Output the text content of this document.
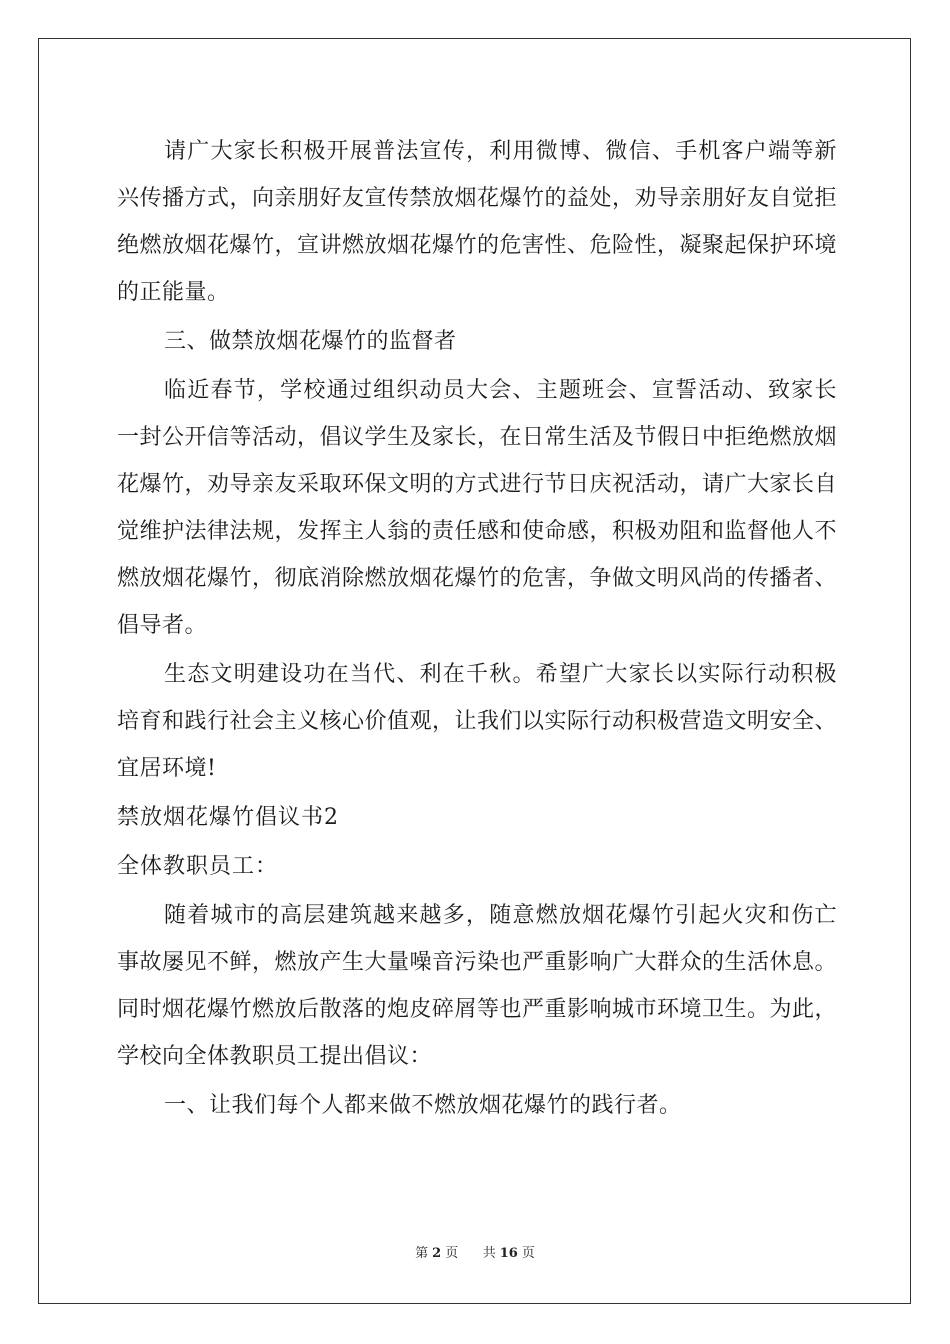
请广大家长积极开展普法宣传，利用微博、微信、手机客户端等新兴传播方式，向亲朋好友宣传禁放烟花爆竹的益处，劝导亲朋好友自觉拒绝燃放烟花爆竹，宣讲燃放烟花爆竹的危害性、危险性，凝聚起保护环境的正能量。

三、做禁放烟花爆竹的监督者

临近春节，学校通过组织动员大会、主题班会、宣誓活动、致家长一封公开信等活动，倡议学生及家长，在日常生活及节假日中拒绝燃放烟花爆竹，劝导亲友采取环保文明的方式进行节日庆祝活动，请广大家长自觉维护法律法规，发挥主人翁的责任感和使命感，积极劝阻和监督他人不燃放烟花爆竹，彻底消除燃放烟花爆竹的危害，争做文明风尚的传播者、倡导者。

生态文明建设功在当代、利在千秋。希望广大家长以实际行动积极培育和践行社会主义核心价值观，让我们以实际行动积极营造文明安全、宜居环境!

禁放烟花爆竹倡议书2

全体教职员工：

随着城市的高层建筑越来越多，随意燃放烟花爆竹引起火灾和伤亡事故屡见不鲜，燃放产生大量噪音污染也严重影响广大群众的生活休息。同时烟花爆竹燃放后散落的炮皮碎屑等也严重影响城市环境卫生。为此，学校向全体教职员工提出倡议：

一、让我们每个人都来做不燃放烟花爆竹的践行者。

第 2 页 共 16 页
